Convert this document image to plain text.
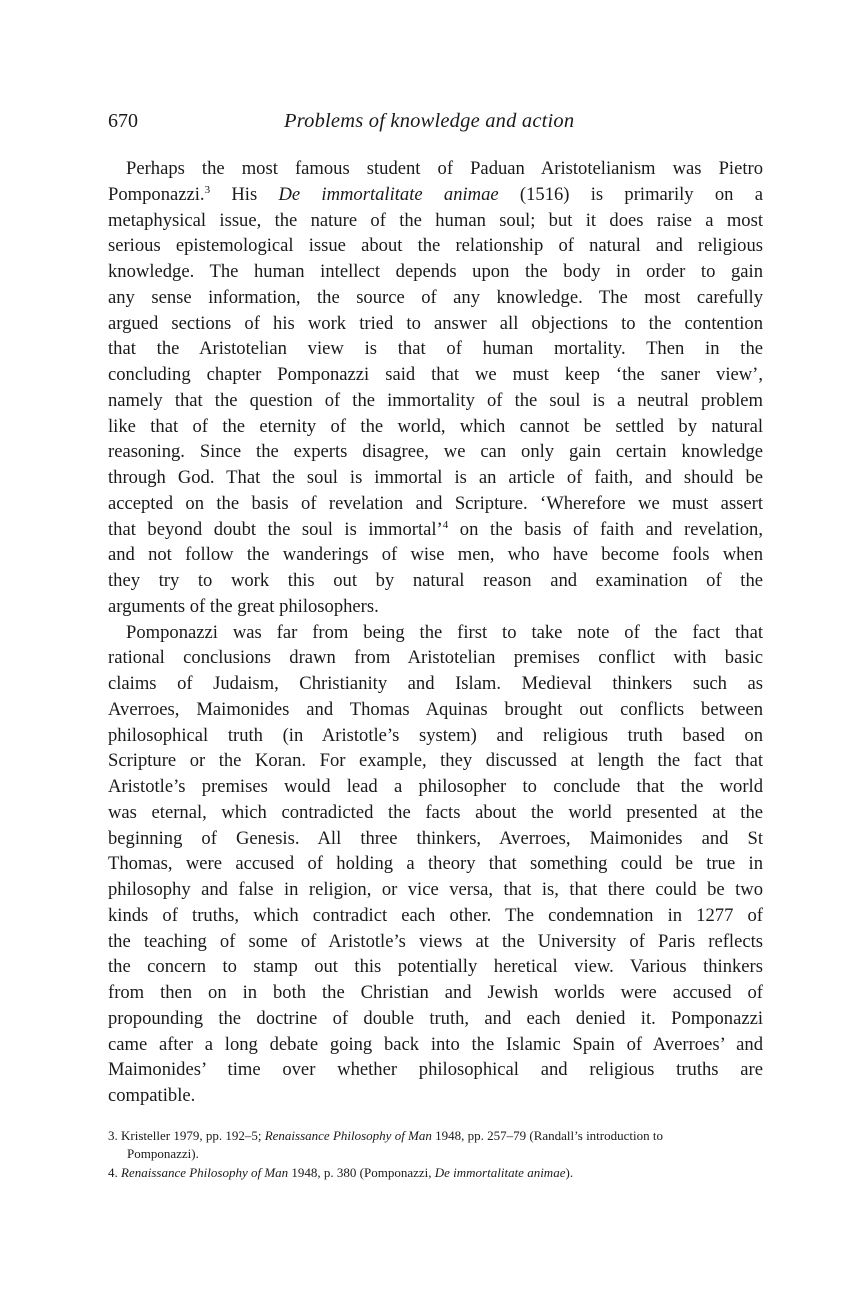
670	Problems of knowledge and action
Perhaps the most famous student of Paduan Aristotelianism was Pietro
Pomponazzi.$^3$ His De immortalitate animae (1516) is primarily on a
metaphysical issue, the nature of the human soul; but it does raise a most
serious epistemological issue about the relationship of natural and religious
knowledge. The human intellect depends upon the body in order to gain
any sense information, the source of any knowledge. The most carefully
argued sections of his work tried to answer all objections to the contention
that the Aristotelian view is that of human mortality. Then in the
concluding chapter Pomponazzi said that we must keep ‘the saner view’,
namely that the question of the immortality of the soul is a neutral problem
like that of the eternity of the world, which cannot be settled by natural
reasoning. Since the experts disagree, we can only gain certain knowledge
through God. That the soul is immortal is an article of faith, and should be
accepted on the basis of revelation and Scripture. ‘Wherefore we must assert
that beyond doubt the soul is immortal’$^4$ on the basis of faith and revelation,
and not follow the wanderings of wise men, who have become fools when
they try to work this out by natural reason and examination of the
arguments of the great philosophers.
Pomponazzi was far from being the first to take note of the fact that
rational conclusions drawn from Aristotelian premises conflict with basic
claims of Judaism, Christianity and Islam. Medieval thinkers such as
Averroes, Maimonides and Thomas Aquinas brought out conflicts between
philosophical truth (in Aristotle’s system) and religious truth based on
Scripture or the Koran. For example, they discussed at length the fact that
Aristotle’s premises would lead a philosopher to conclude that the world
was eternal, which contradicted the facts about the world presented at the
beginning of Genesis. All three thinkers, Averroes, Maimonides and St
Thomas, were accused of holding a theory that something could be true in
philosophy and false in religion, or vice versa, that is, that there could be two
kinds of truths, which contradict each other. The condemnation in 1277 of
the teaching of some of Aristotle’s views at the University of Paris reflects
the concern to stamp out this potentially heretical view. Various thinkers
from then on in both the Christian and Jewish worlds were accused of
propounding the doctrine of double truth, and each denied it. Pomponazzi
came after a long debate going back into the Islamic Spain of Averroes’ and
Maimonides’ time over whether philosophical and religious truths are
compatible.
3. Kristeller 1979, pp. 192–5; Renaissance Philosophy of Man 1948, pp. 257–79 (Randall’s introduction to
Pomponazzi).
4. Renaissance Philosophy of Man 1948, p. 380 (Pomponazzi, De immortalitate animae).
